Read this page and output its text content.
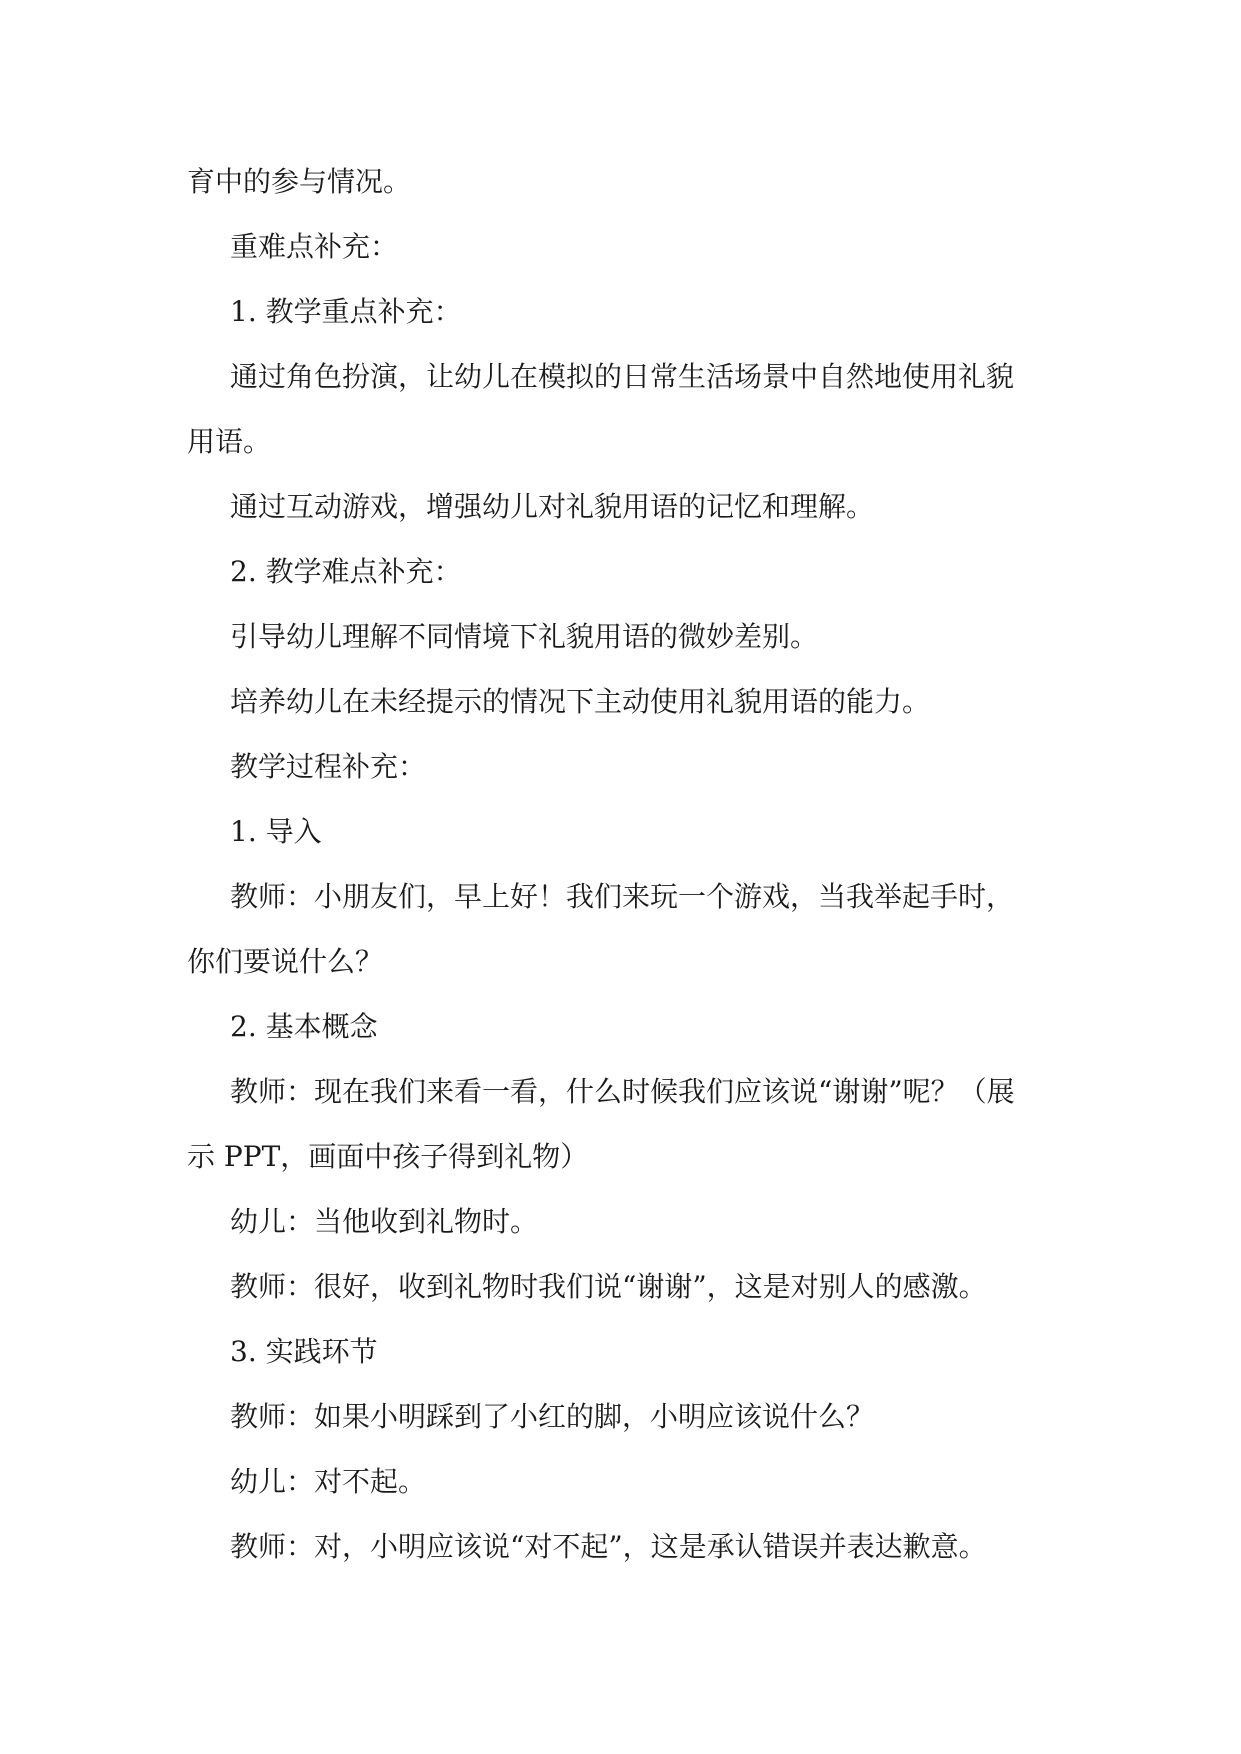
育中的参与情况。

重难点补充：

1. 教学重点补充：

通过角色扮演，让幼儿在模拟的日常生活场景中自然地使用礼貌

用语。

通过互动游戏，增强幼儿对礼貌用语的记忆和理解。

2. 教学难点补充：

引导幼儿理解不同情境下礼貌用语的微妙差别。

培养幼儿在未经提示的情况下主动使用礼貌用语的能力。

教学过程补充：

1. 导入

教师：小朋友们，早上好！我们来玩一个游戏，当我举起手时，

你们要说什么？

2. 基本概念

教师：现在我们来看一看，什么时候我们应该说“谢谢”呢？（展

示 PPT，画面中孩子得到礼物）

幼儿：当他收到礼物时。

教师：很好，收到礼物时我们说“谢谢”，这是对别人的感激。

3. 实践环节

教师：如果小明踩到了小红的脚，小明应该说什么？

幼儿：对不起。

教师：对，小明应该说“对不起”，这是承认错误并表达歉意。
